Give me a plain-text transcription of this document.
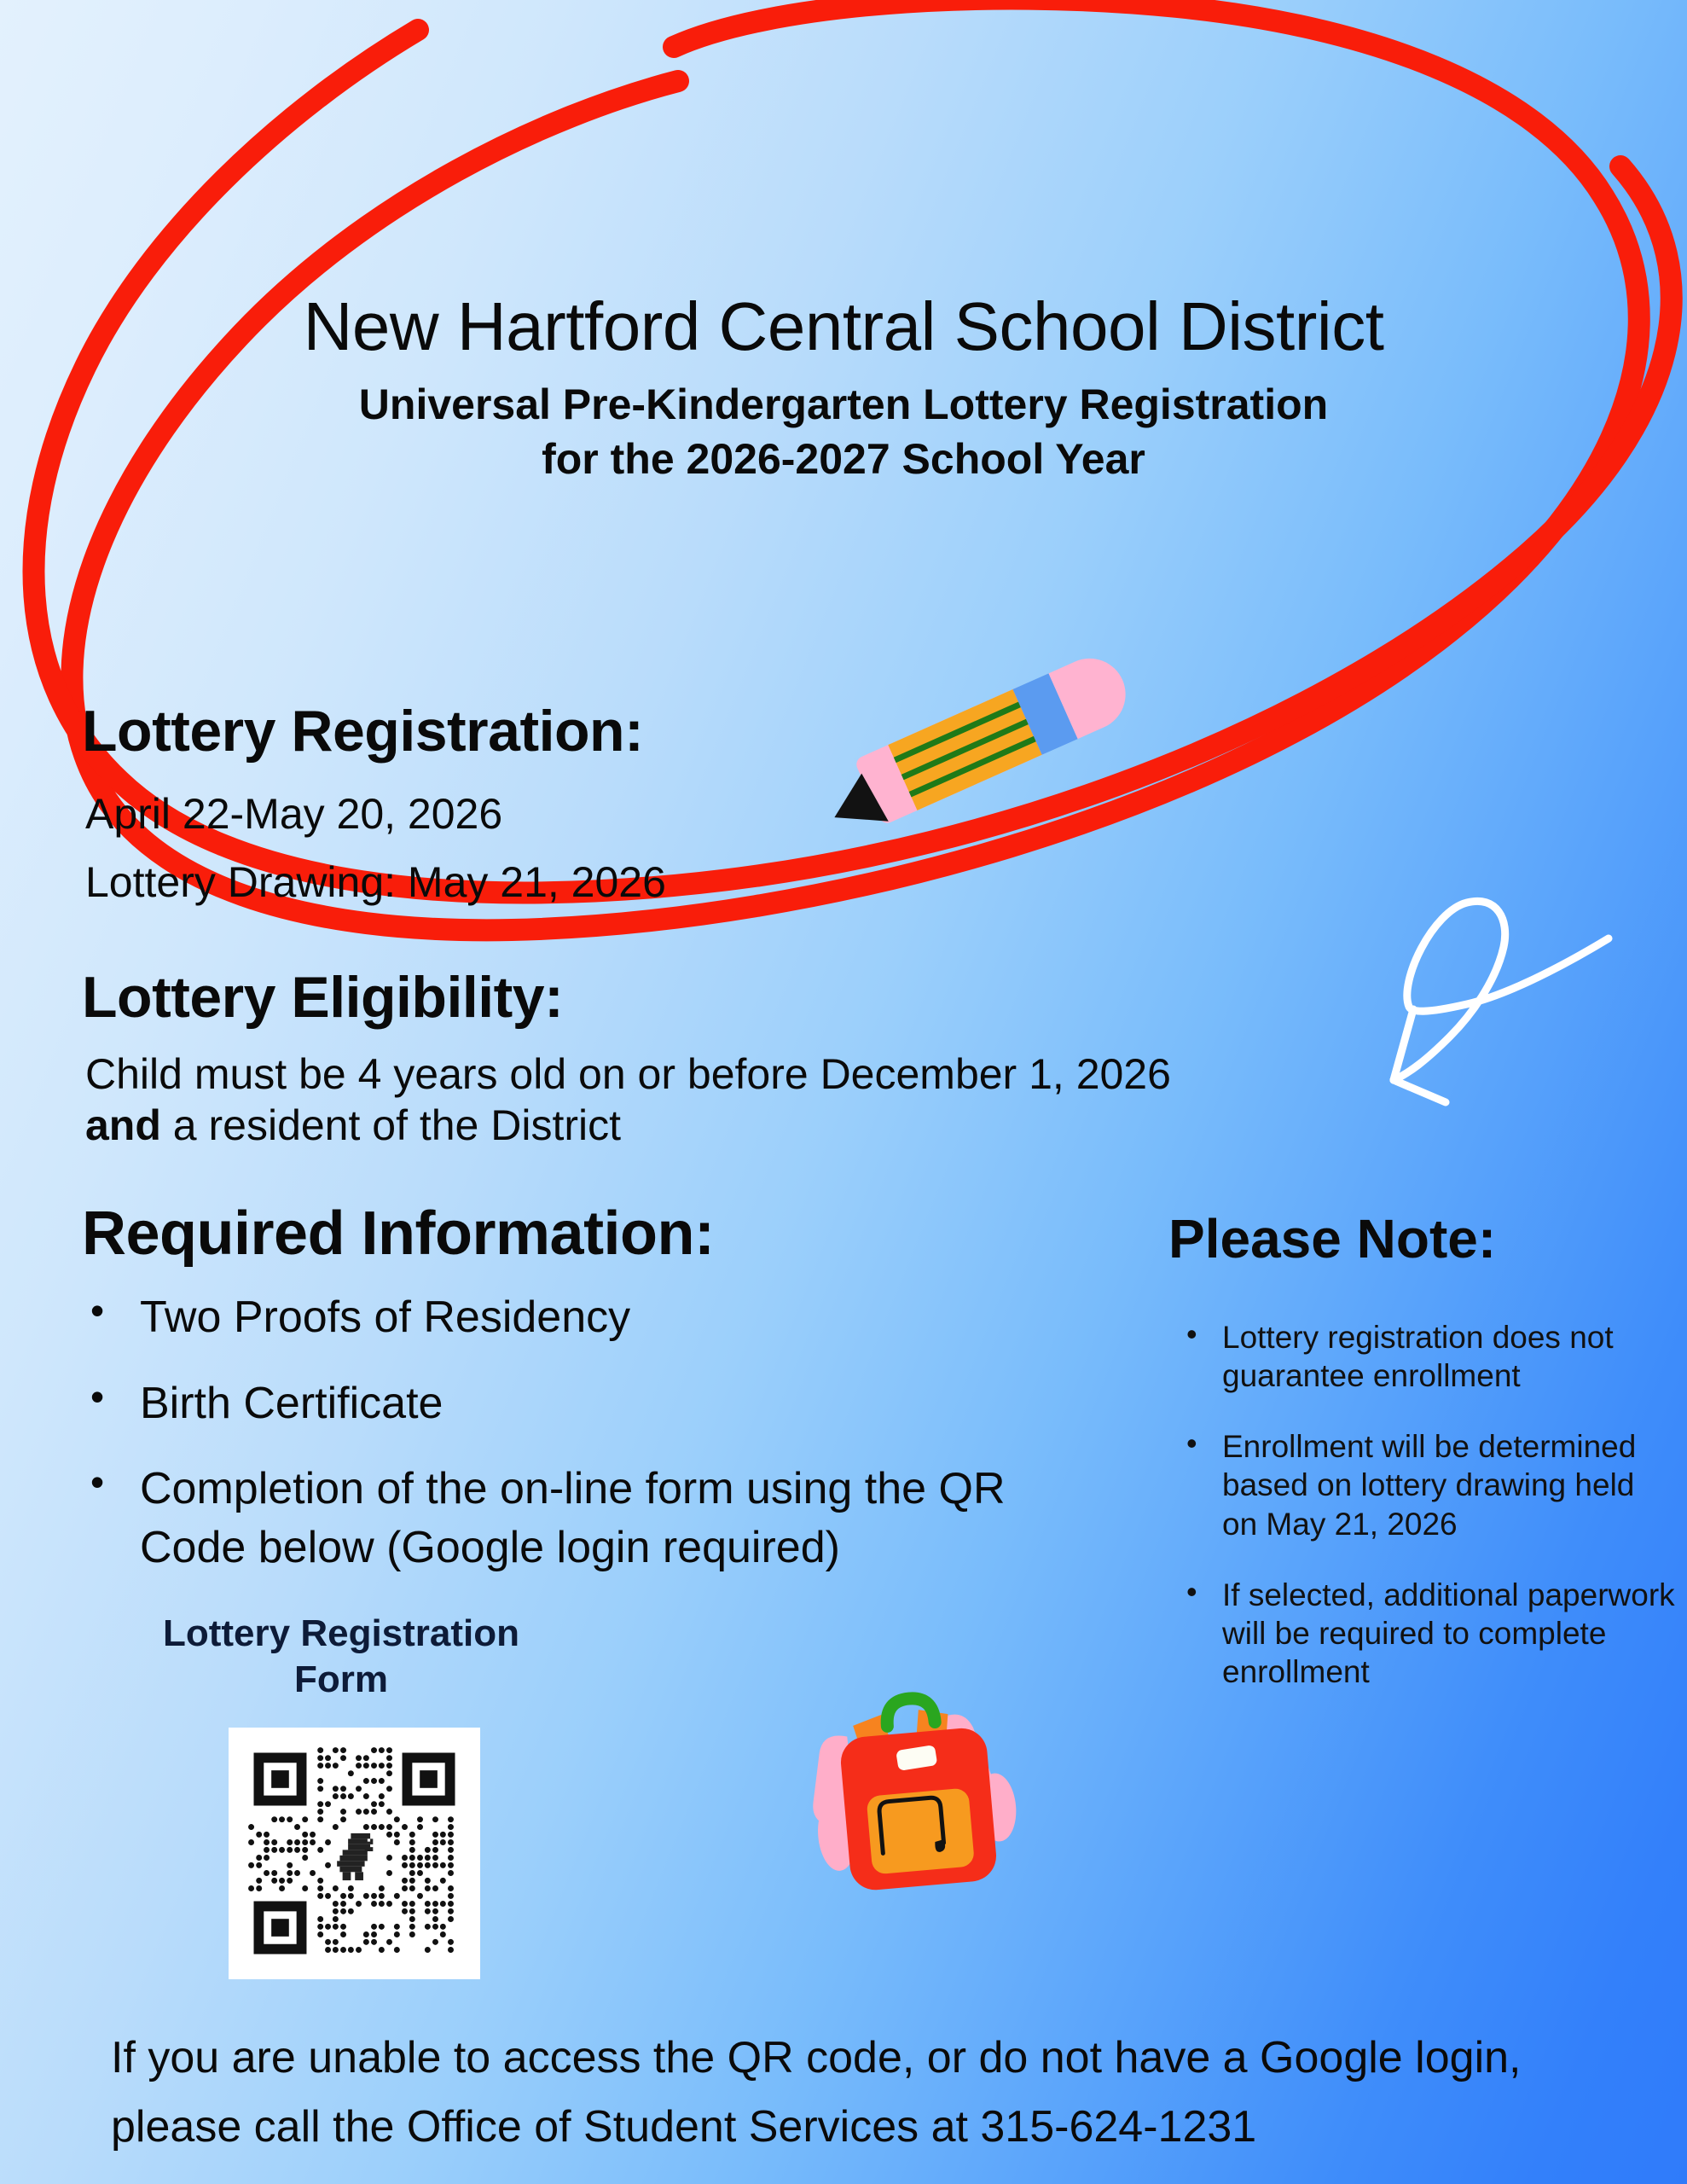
New Hartford Central School District
Universal Pre-Kindergarten Lottery Registration
for the 2026-2027 School Year
Lottery Registration:
April 22-May 20, 2026
Lottery Drawing: May 21, 2026
Lottery Eligibility:
Child must be 4 years old on or before December 1, 2026
and a resident of the District
Required Information:
• Two Proofs of Residency
• Birth Certificate
• Completion of the on-line form using the QR Code below (Google login required)
Please Note:
• Lottery registration does not guarantee enrollment
• Enrollment will be determined based on lottery drawing held on May 21, 2026
• If selected, additional paperwork will be required to complete enrollment
Lottery Registration
Form
If you are unable to access the QR code, or do not have a Google login, please call the Office of Student Services at 315-624-1231
